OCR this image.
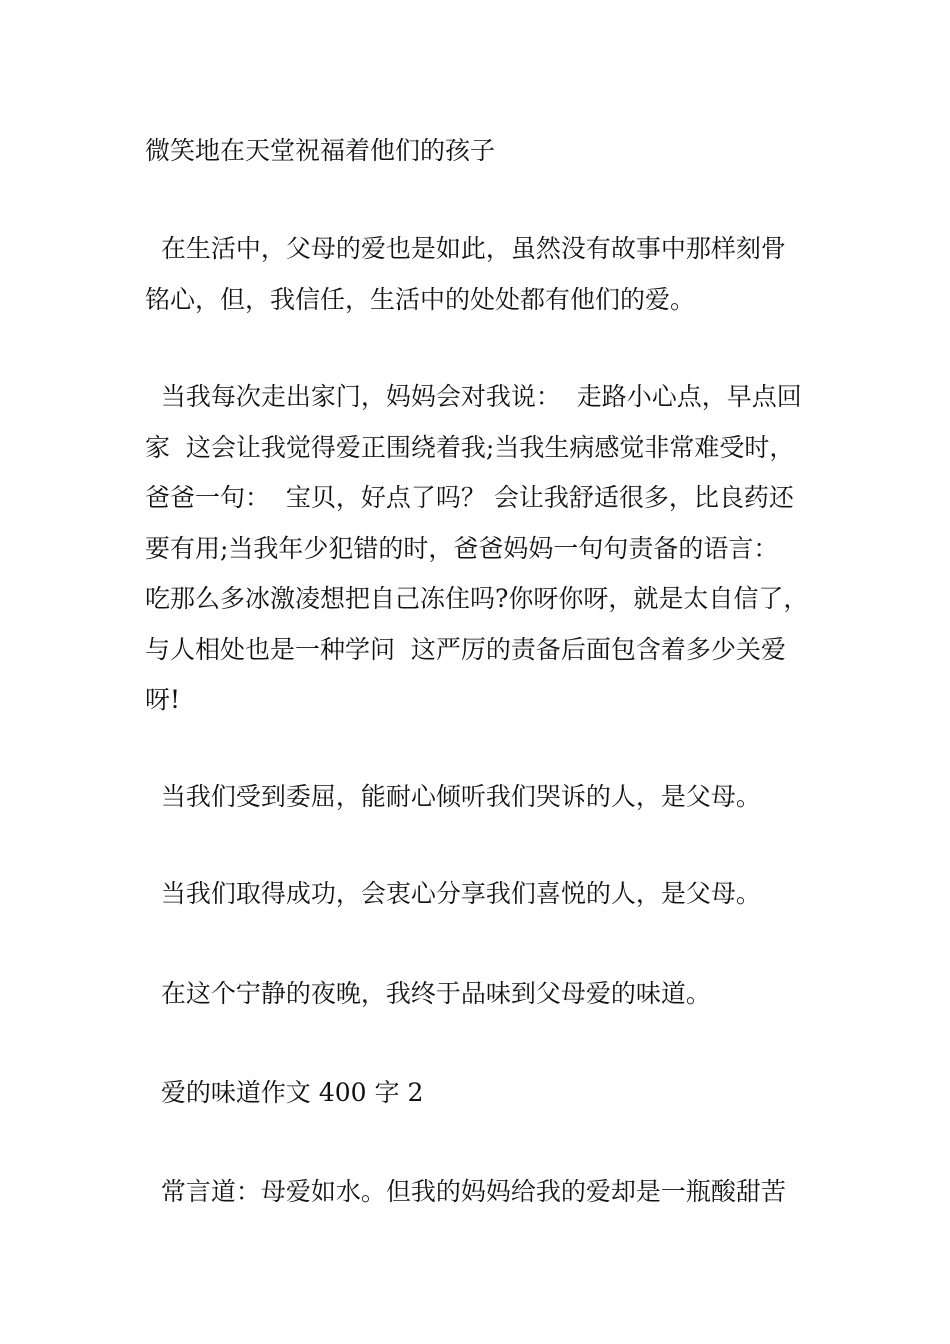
微笑地在天堂祝福着他们的孩子

在生活中，父母的爱也是如此，虽然没有故事中那样刻骨铭心，但，我信任，生活中的处处都有他们的爱。

当我每次走出家门，妈妈会对我说：  走路小心点，早点回家  这会让我觉得爱正围绕着我;当我生病感觉非常难受时，爸爸一句：  宝贝，好点了吗？ 会让我舒适很多，比良药还要有用;当我年少犯错的时，爸爸妈妈一句句责备的语言：  吃那么多冰激凌想把自己冻住吗?你呀你呀，就是太自信了，与人相处也是一种学问  这严厉的责备后面包含着多少关爱呀!

当我们受到委屈，能耐心倾听我们哭诉的人，是父母。

当我们取得成功，会衷心分享我们喜悦的人，是父母。

在这个宁静的夜晚，我终于品味到父母爱的味道。

爱的味道作文 400 字 2

常言道：母爱如水。但我的妈妈给我的爱却是一瓶酸甜苦
